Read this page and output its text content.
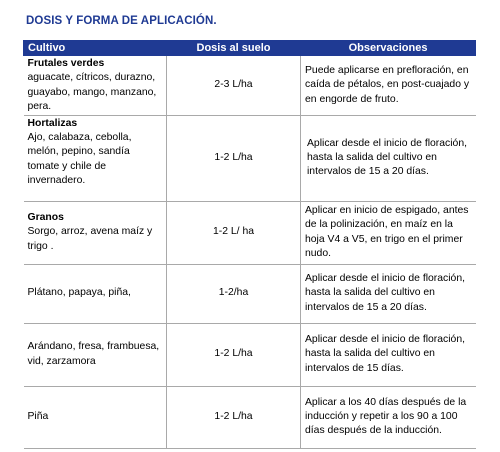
DOSIS Y FORMA DE APLICACIÓN.
Cultivo	Dosis al suelo	Observaciones

Frutales verdes
aguacate, cítricos, durazno, guayabo, mango, manzano, pera.	2-3 L/ha	Puede aplicarse en prefloración, en caída de pétalos, en post-cuajado y en engorde de fruto.

Hortalizas
Ajo, calabaza, cebolla, melón, pepino, sandía tomate y chile de invernadero.	1-2 L/ha	Aplicar desde el inicio de floración, hasta la salida del cultivo en intervalos de 15 a 20 días.

Granos
Sorgo, arroz, avena maíz y trigo .	1-2 L/ ha	Aplicar en inicio de espigado, antes de la polinización, en maíz en la hoja V4 a V5, en trigo en el primer nudo.

Plátano, papaya, piña,	1-2/ha	Aplicar desde el inicio de floración, hasta la salida del cultivo en intervalos de 15 a 20 días.

Arándano, fresa, frambuesa, vid, zarzamora	1-2 L/ha	Aplicar desde el inicio de floración, hasta la salida del cultivo en intervalos de 15 días.

Piña	1-2 L/ha	Aplicar a los 40 días después de la inducción y repetir a los 90 a 100 días después de la inducción.
